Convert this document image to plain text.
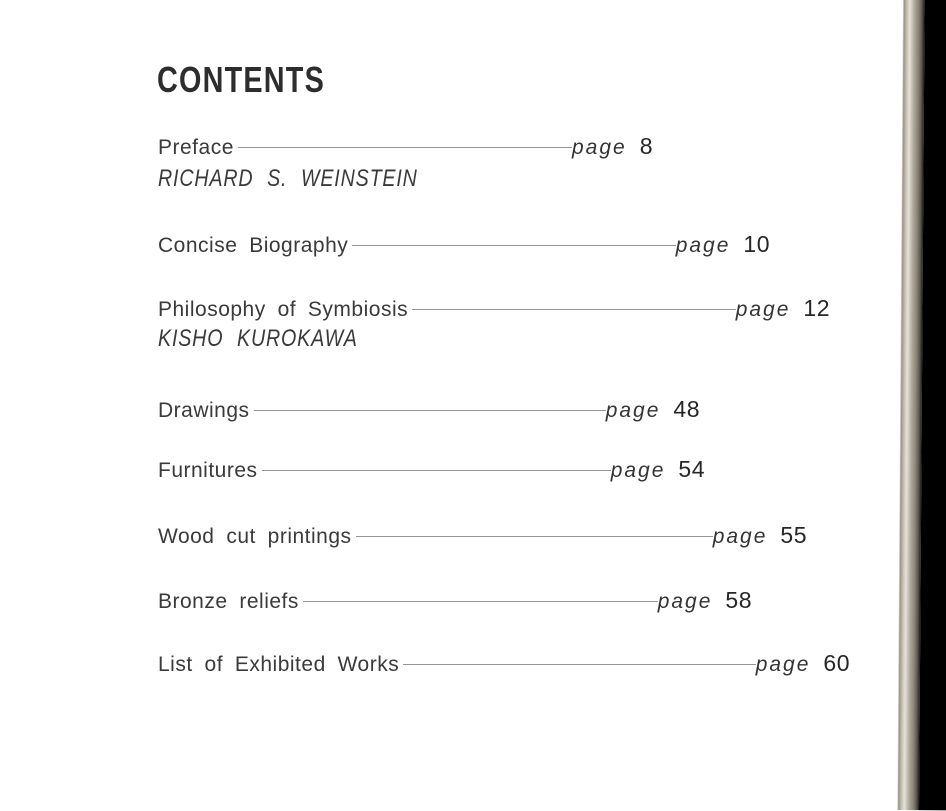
CONTENTS
Preface	page 8
RICHARD S. WEINSTEIN
Concise Biography	page 10
Philosophy of Symbiosis	page 12
KISHO KUROKAWA
Drawings	page 48
Furnitures	page 54
Wood cut printings	page 55
Bronze reliefs	page 58
List of Exhibited Works	page 60
